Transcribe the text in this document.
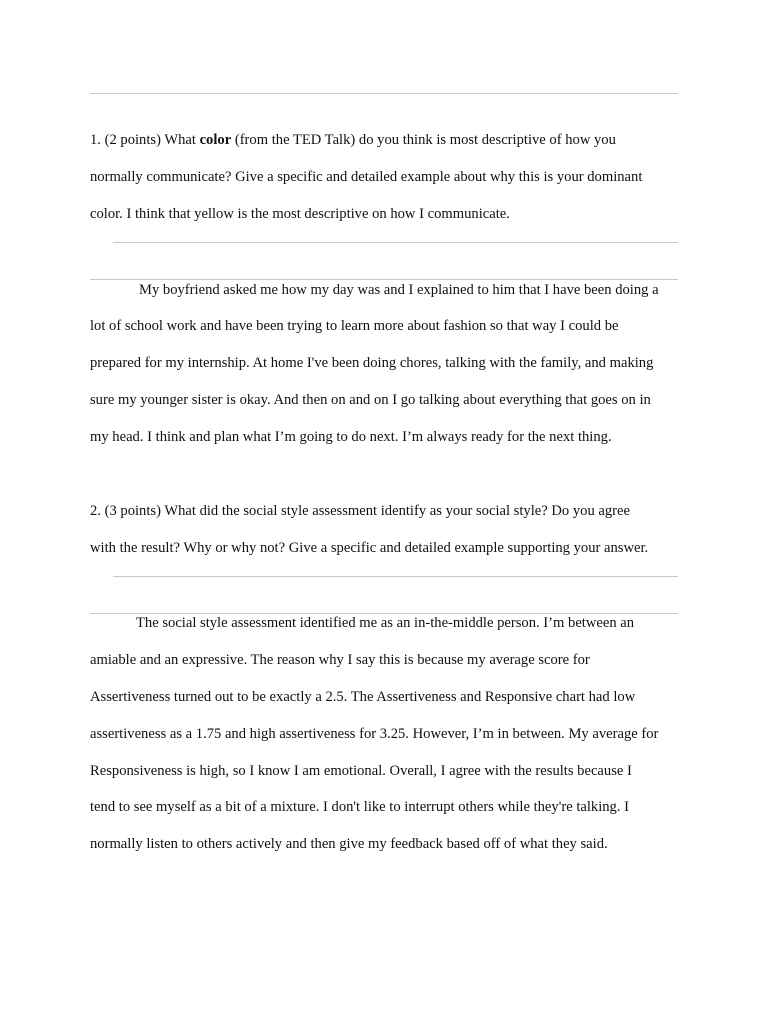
1. (2 points) What color (from the TED Talk) do you think is most descriptive of how you
normally communicate? Give a specific and detailed example about why this is your dominant
color. I think that yellow is the most descriptive on how I communicate.
My boyfriend asked me how my day was and I explained to him that I have been doing a
lot of school work and have been trying to learn more about fashion so that way I could be
prepared for my internship. At home I've been doing chores, talking with the family, and making
sure my younger sister is okay. And then on and on I go talking about everything that goes on in
my head. I think and plan what I’m going to do next. I’m always ready for the next thing.
2. (3 points) What did the social style assessment identify as your social style? Do you agree
with the result? Why or why not? Give a specific and detailed example supporting your answer.
The social style assessment identified me as an in-the-middle person. I’m between an
amiable and an expressive. The reason why I say this is because my average score for
Assertiveness turned out to be exactly a 2.5. The Assertiveness and Responsive chart had low
assertiveness as a 1.75 and high assertiveness for 3.25. However, I’m in between. My average for
Responsiveness is high, so I know I am emotional. Overall, I agree with the results because I
tend to see myself as a bit of a mixture. I don't like to interrupt others while they're talking. I
normally listen to others actively and then give my feedback based off of what they said.
